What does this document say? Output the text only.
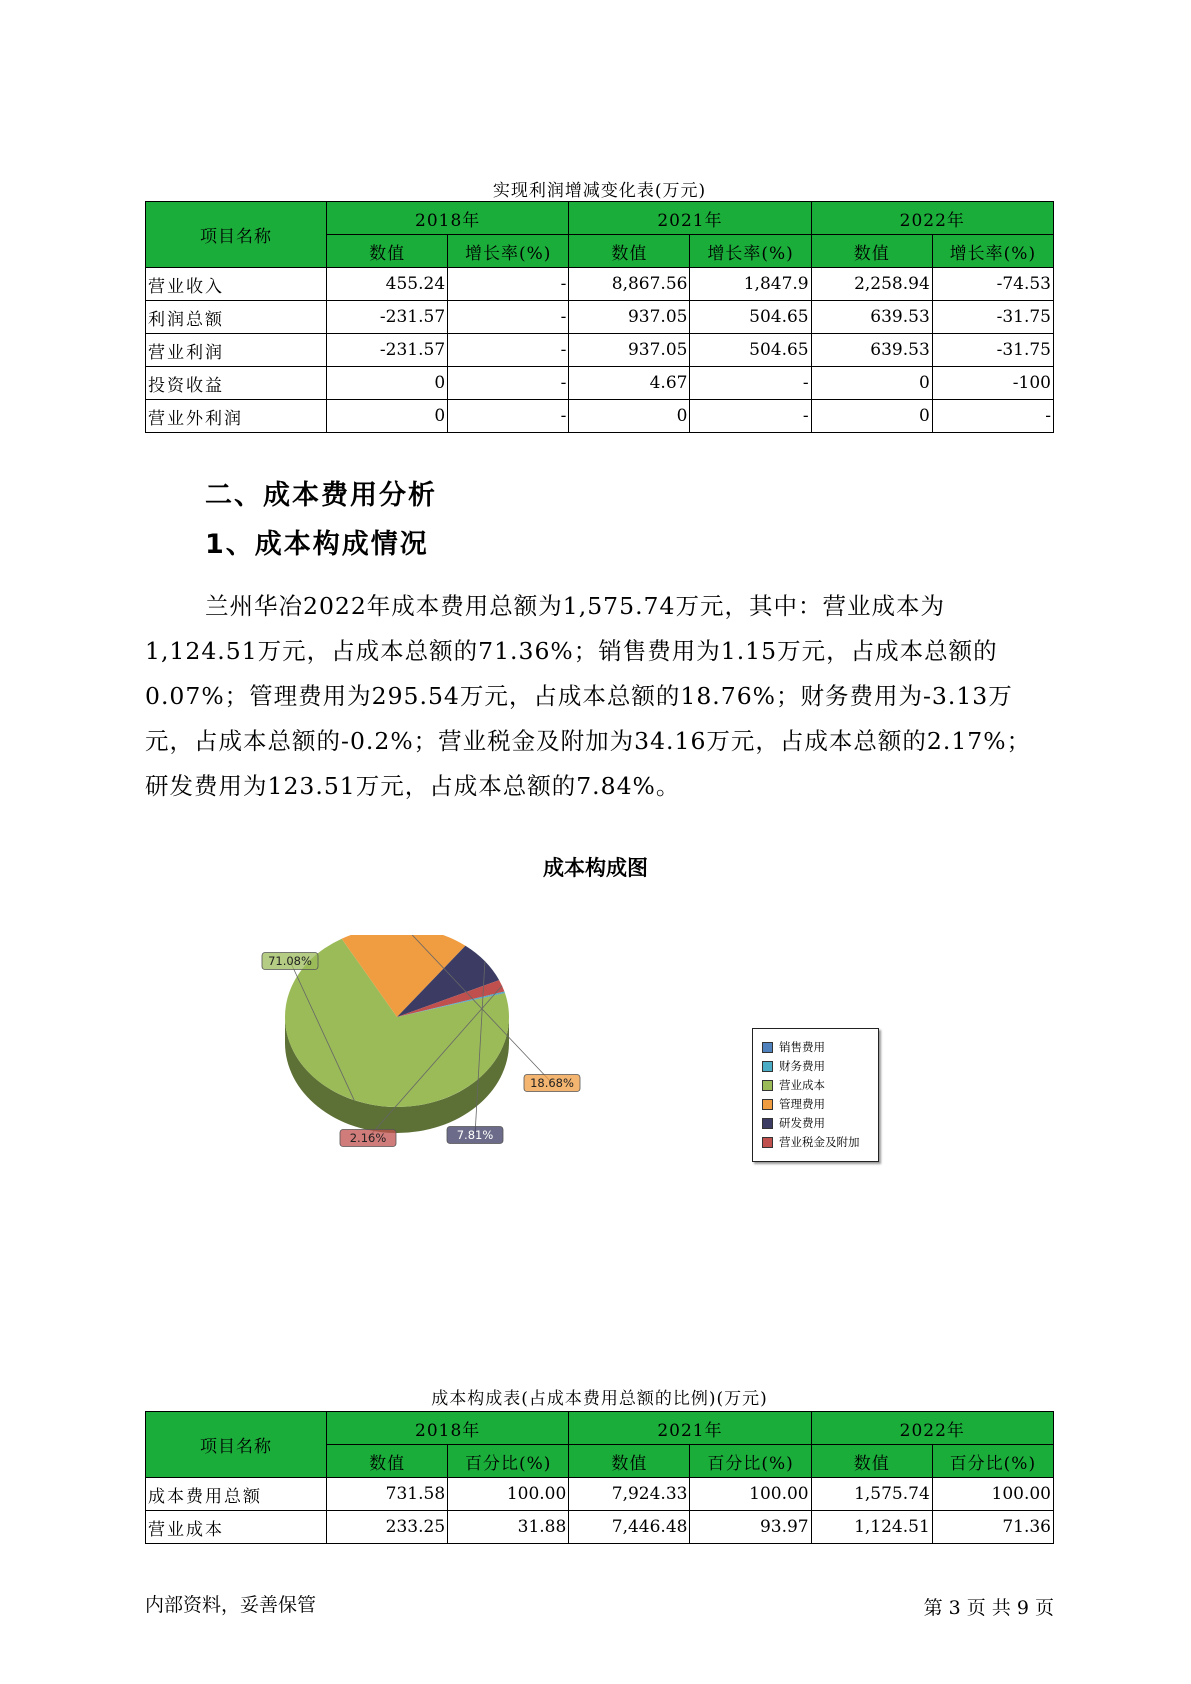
实现利润增减变化表(万元)
项目名称	2018年		2021年		2022年	
	数值	增长率(%)	数值	增长率(%)	数值	增长率(%)
营业收入	455.24	-	8,867.56	1,847.9	2,258.94	-74.53
利润总额	-231.57	-	937.05	504.65	639.53	-31.75
营业利润	-231.57	-	937.05	504.65	639.53	-31.75
投资收益	0	-	4.67	-	0	-100
营业外利润	0	-	0	-	0	-
二、成本费用分析
1、成本构成情况
兰州华冶2022年成本费用总额为1,575.74万元，其中：营业成本为1,124.51万元，占成本总额的71.36%；销售费用为1.15万元，占成本总额的0.07%；管理费用为295.54万元，占成本总额的18.76%；财务费用为-3.13万元，占成本总额的-0.2%；营业税金及附加为34.16万元，占成本总额的2.17%；研发费用为123.51万元，占成本总额的7.84%。
成本构成图
71.08%
18.68%
7.81%
2.16%
销售费用
财务费用
营业成本
管理费用
研发费用
营业税金及附加
成本构成表(占成本费用总额的比例)(万元)
项目名称	2018年		2021年		2022年	
	数值	百分比(%)	数值	百分比(%)	数值	百分比(%)
成本费用总额	731.58	100.00	7,924.33	100.00	1,575.74	100.00
营业成本	233.25	31.88	7,446.48	93.97	1,124.51	71.36
内部资料，妥善保管	第 3 页 共 9 页
